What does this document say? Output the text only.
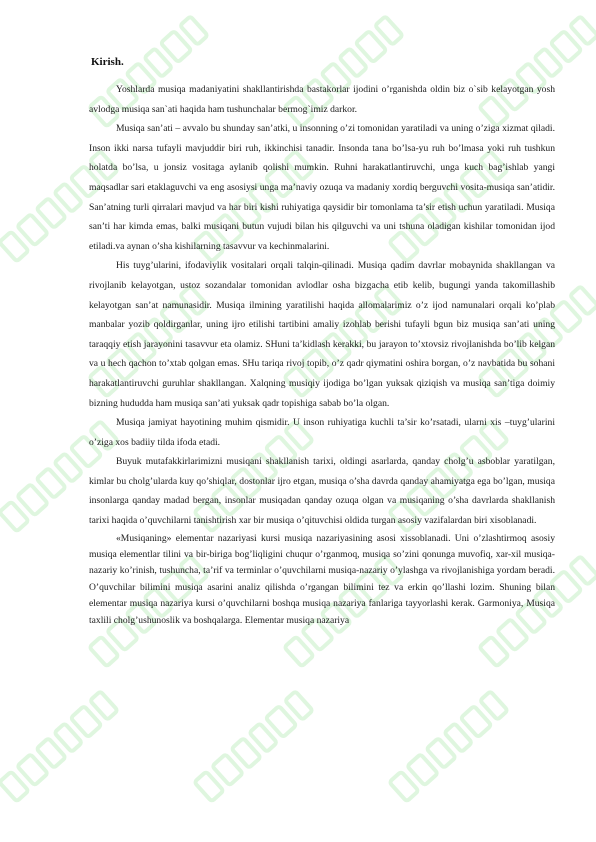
Kirish.

Yoshlarda musiqa madaniyatini shakllantirishda bastakorlar ijodini o’rganishda oldin biz o`sib kelayotgan yosh avlodga musiqa san`ati haqida ham tushunchalar bermog`imiz darkor.

Musiqa san’ati – avvalo bu shunday san’atki, u insonning o’zi tomonidan yaratiladi va uning o’ziga xizmat qiladi. Inson ikki narsa tufayli mavjuddir biri ruh, ikkinchisi tanadir. Insonda tana bo’lsa-yu ruh bo’lmasa yoki ruh tushkun holatda bo’lsa, u jonsiz vositaga aylanib qolishi mumkin. Ruhni harakatlantiruvchi, unga kuch bag’ishlab yangi maqsadlar sari etaklaguvchi va eng asosiysi unga ma’naviy ozuqa va madaniy xordiq berguvchi vosita-musiqa san’atidir. San’atning turli qirralari mavjud va har biri kishi ruhiyatiga qaysidir bir tomonlama ta’sir etish uchun yaratiladi. Musiqa san’ti har kimda emas, balki musiqani butun vujudi bilan his qilguvchi va uni tshuna oladigan kishilar tomonidan ijod etiladi.va aynan o’sha kishilarning tasavvur va kechinmalarini.

His tuyg’ularini, ifodaviylik vositalari orqali talqin-qilinadi. Musiqa qadim davrlar mobaynida shakllangan va rivojlanib kelayotgan, ustoz sozandalar tomonidan avlodlar osha bizgacha etib kelib, bugungi yanda takomillashib kelayotgan san’at namunasidir. Musiqa ilmining yaratilishi haqida allomalarimiz o’z ijod namunalari orqali ko’plab manbalar yozib qoldirganlar, uning ijro etilishi tartibini amaliy izohlab berishi tufayli bgun biz musiqa san’ati uning taraqqiy etish jarayonini tasavvur eta olamiz. SHuni ta’kidlash kerakki, bu jarayon to’xtovsiz rivojlanishda bo’lib kelgan va u hech qachon to’xtab qolgan emas. SHu tariqa rivoj topib, o’z qadr qiymatini oshira borgan, o’z navbatida bu sohani harakatlantiruvchi guruhlar shakllangan. Xalqning musiqiy ijodiga bo’lgan yuksak qiziqish va musiqa san’tiga doimiy bizning hududda ham musiqa san’ati yuksak qadr topishiga sabab bo’la olgan.

Musiqa jamiyat hayotining muhim qismidir. U inson ruhiyatiga kuchli ta’sir ko’rsatadi, ularni xis –tuyg’ularini o’ziga xos badiiy tilda ifoda etadi.

Buyuk mutafakkirlarimizni musiqani shakllanish tarixi, oldingi asarlarda, qanday cholg’u asboblar yaratilgan, kimlar bu cholg’ularda kuy qo’shiqlar, dostonlar ijro etgan, musiqa o’sha davrda qanday ahamiyatga ega bo’lgan, musiqa insonlarga qanday madad bergan, insonlar musiqadan qanday ozuqa olgan va musiqaning o’sha davrlarda shakllanish tarixi haqida o’quvchilarni tanishtirish xar bir musiqa o’qituvchisi oldida turgan asosiy vazifalardan biri xisoblanadi.

«Musiqaning» elementar nazariyasi kursi musiqa nazariyasining asosi xissoblanadi. Uni o’zlashtirmoq asosiy musiqa elementlar tilini va bir-biriga bog’liqligini chuqur o’rganmoq, musiqa so’zini qonunga muvofiq, xar-xil musiqa-nazariy ko’rinish, tushuncha, ta’rif va terminlar o’quvchilarni musiqa-nazariy o’ylashga va rivojlanishiga yordam beradi. O’quvchilar bilimini musiqa asarini analiz qilishda o’rgangan bilimini tez va erkin qo’llashi lozim. Shuning bilan elementar musiqa nazariya kursi o’quvchilarni boshqa musiqa nazariya fanlariga tayyorlashi kerak. Garmoniya, Musiqa taxlili cholg’ushunoslik va boshqalarga. Elementar musiqa nazariya
